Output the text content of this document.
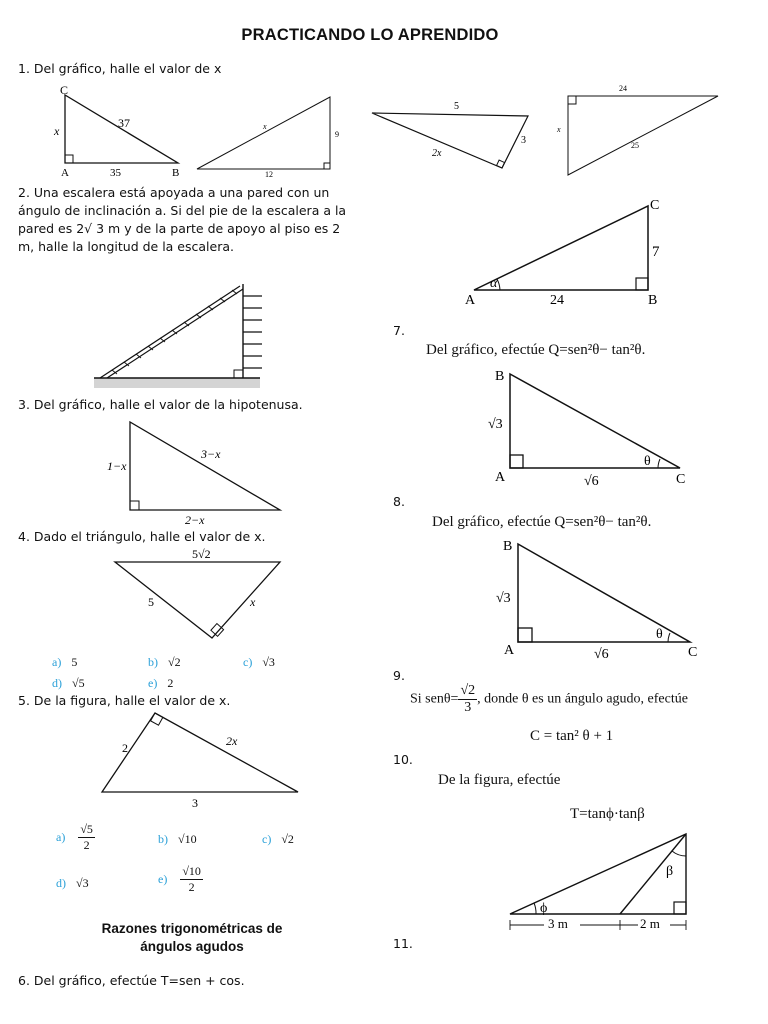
PRACTICANDO LO APRENDIDO
1. Del gráfico, halle el valor de x
C
x
37
A	35	B
x
9
12
5
3
2x
24
x
25
2. Una escalera está apoyada a una pared con un ángulo de inclinación a. Si del pie de la escalera a la pared es 2√ 3 m y de la parte de apoyo al piso es 2 m, halle la longitud de la escalera.
3. Del gráfico, halle el valor de la hipotenusa.
1−x
3−x
2−x
4. Dado el triángulo, halle el valor de x.
5√2
5	x
a) 5	b) √2	c) √3
d) √5	e) 2
5. De la figura, halle el valor de x.
2	2x
3
$a) \frac{√5}{2}$	b) √10	c) √2
d) √3	$e) \frac{√10}{2}$
Razones trigonométricas de
ángulos agudos
6. Del gráfico, efectúe T=sen + cos.
C
7
α
A	24	B
7.
Del gráfico, efectúe Q=sen²θ− tan²θ.
B
√3
θ
A	√6	C
8.
Del gráfico, efectúe Q=sen²θ− tan²θ.
B
√3
θ
A	√6	C
9.
Si $sen\theta= \frac{√2}{3}$ , donde θ es un ángulo agudo, efectúe
C = tan² θ + 1
10.
De la figura, efectúe
T=tanϕ·tanβ
ϕ
β
3 m	2 m
11.
